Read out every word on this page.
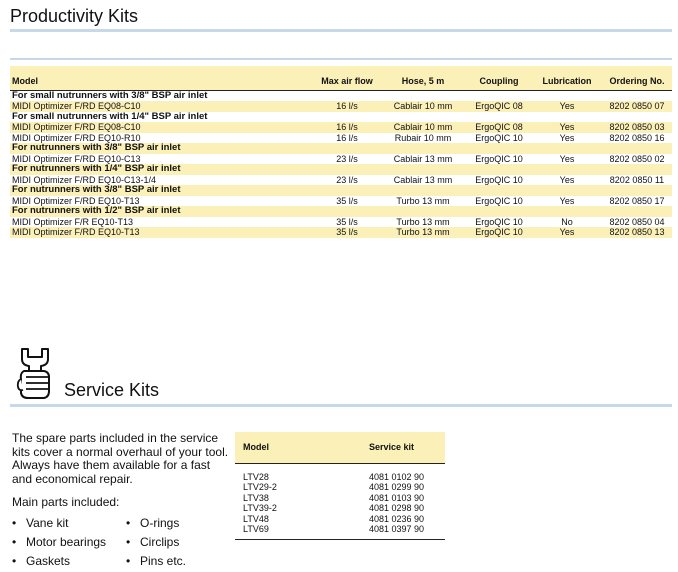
Productivity Kits
Model	Max air flow	Hose, 5 m	Coupling	Lubrication	Ordering No.
For small nutrunners with 3/8" BSP air inlet					
MIDI Optimizer F/RD EQ08-C10	16 l/s	Cablair 10 mm	ErgoQIC 08	Yes	8202 0850 07
For small nutrunners with 1/4" BSP air inlet					
MIDI Optimizer F/RD EQ08-C10	16 l/s	Cablair 10 mm	ErgoQIC 08	Yes	8202 0850 03
MIDI Optimizer F/RD EQ10-R10	16 l/s	Rubair 10 mm	ErgoQIC 10	Yes	8202 0850 16
For nutrunners with 3/8" BSP air inlet					
MIDI Optimizer F/RD EQ10-C13	23 l/s	Cablair 13 mm	ErgoQIC 10	Yes	8202 0850 02
For nutrunners with 1/4" BSP air inlet					
MIDI Optimizer F/RD EQ10-C13-1/4	23 l/s	Cablair 13 mm	ErgoQIC 10	Yes	8202 0850 11
For nutrunners with 3/8" BSP air inlet					
MIDI Optimizer F/RD EQ10-T13	35 l/s	Turbo 13 mm	ErgoQIC 10	Yes	8202 0850 17
For nutrunners with 1/2" BSP air inlet					
MIDI Optimizer F/R EQ10-T13	35 l/s	Turbo 13 mm	ErgoQIC 10	No	8202 0850 04
MIDI Optimizer F/RD EQ10-T13	35 l/s	Turbo 13 mm	ErgoQIC 10	Yes	8202 0850 13
Service Kits
The spare parts included in the service kits cover a normal overhaul of your tool. Always have them available for a fast and economical repair.
Main parts included:
• Vane kit
• Motor bearings
• Gaskets
• O-rings
• Circlips
• Pins etc.
Model	Service kit
LTV28	4081 0102 90
LTV29-2	4081 0299 90
LTV38	4081 0103 90
LTV39-2	4081 0298 90
LTV48	4081 0236 90
LTV69	4081 0397 90
